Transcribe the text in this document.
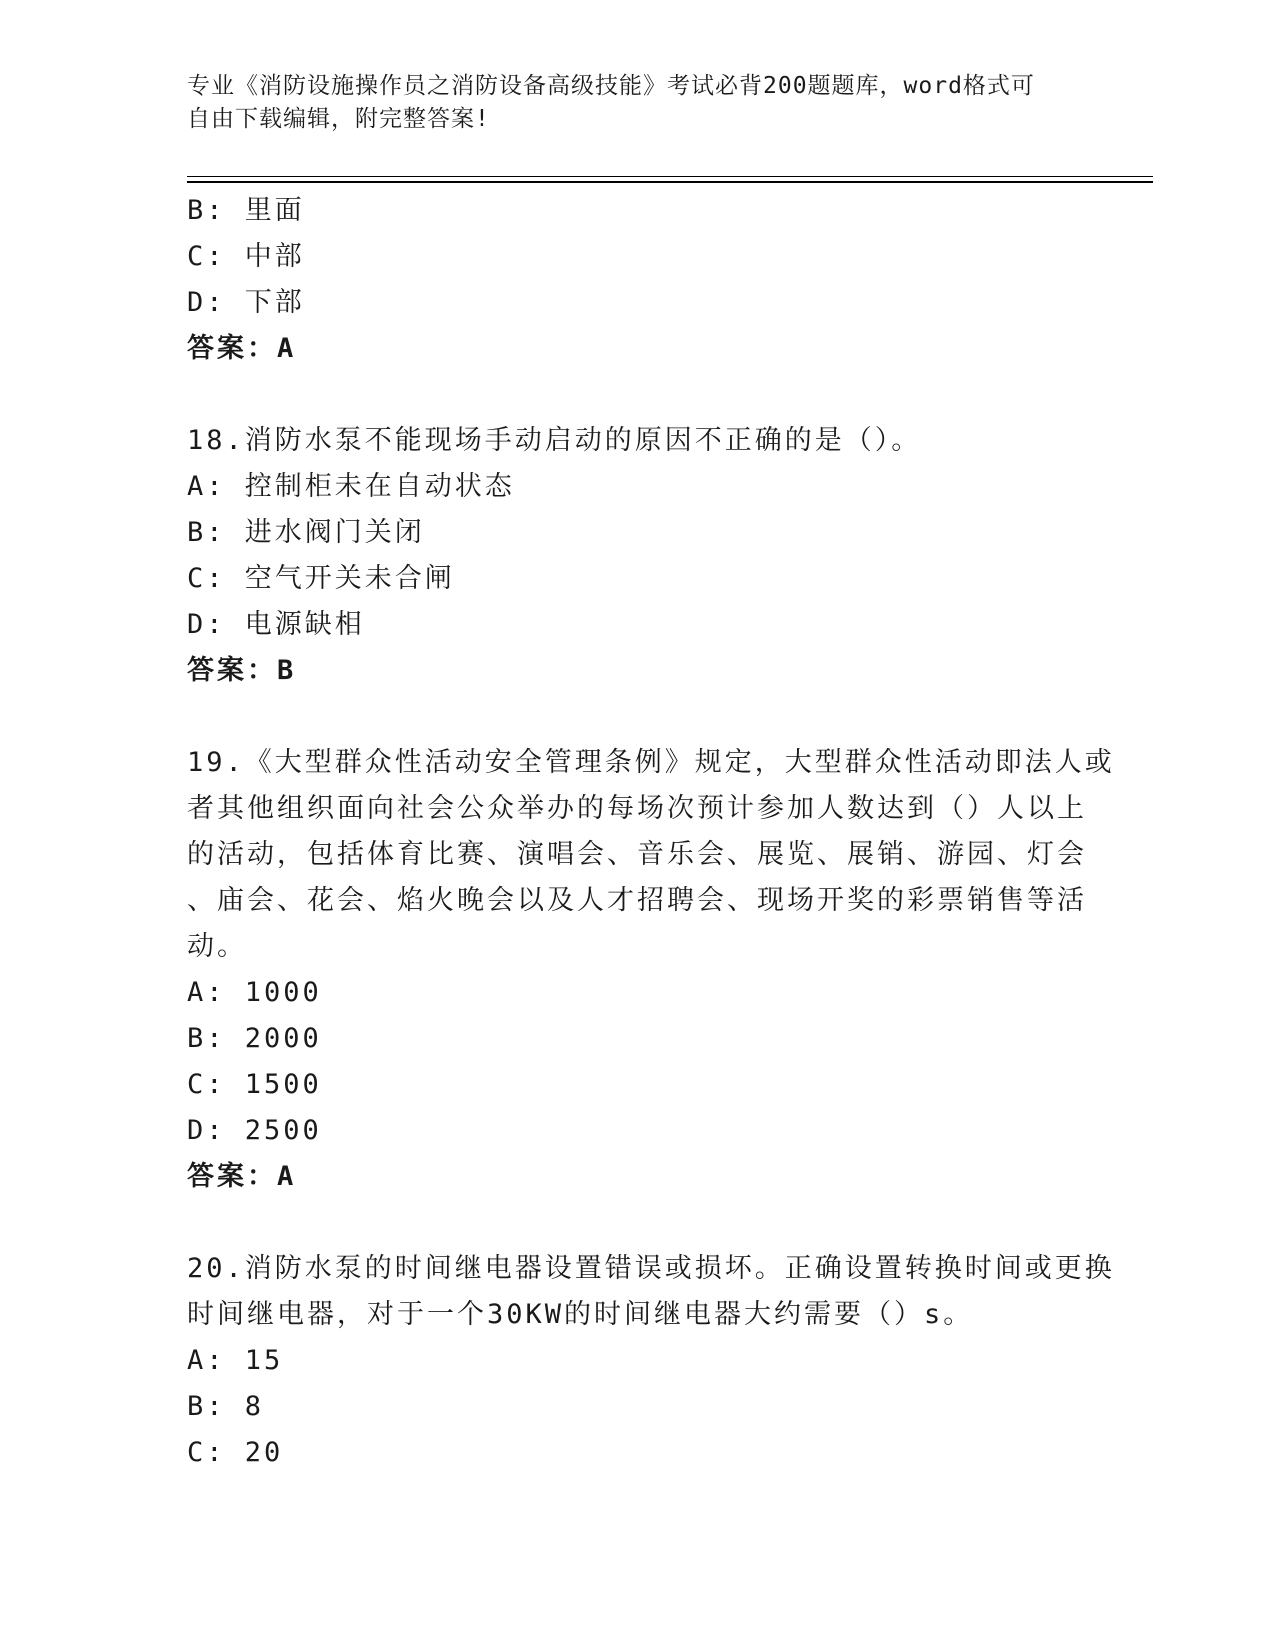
专业《消防设施操作员之消防设备高级技能》考试必背200题题库，word格式可
自由下载编辑，附完整答案!
B: 里面
C: 中部
D: 下部
答案：A
18.消防水泵不能现场手动启动的原因不正确的是（）。
A: 控制柜未在自动状态
B: 进水阀门关闭
C: 空气开关未合闸
D: 电源缺相
答案：B
19.《大型群众性活动安全管理条例》规定，大型群众性活动即法人或
者其他组织面向社会公众举办的每场次预计参加人数达到（）人以上
的活动，包括体育比赛、演唱会、音乐会、展览、展销、游园、灯会
、庙会、花会、焰火晚会以及人才招聘会、现场开奖的彩票销售等活
动。
A: 1000
B: 2000
C: 1500
D: 2500
答案：A
20.消防水泵的时间继电器设置错误或损坏。正确设置转换时间或更换
时间继电器，对于一个30KW的时间继电器大约需要（）s。
A: 15
B: 8
C: 20
